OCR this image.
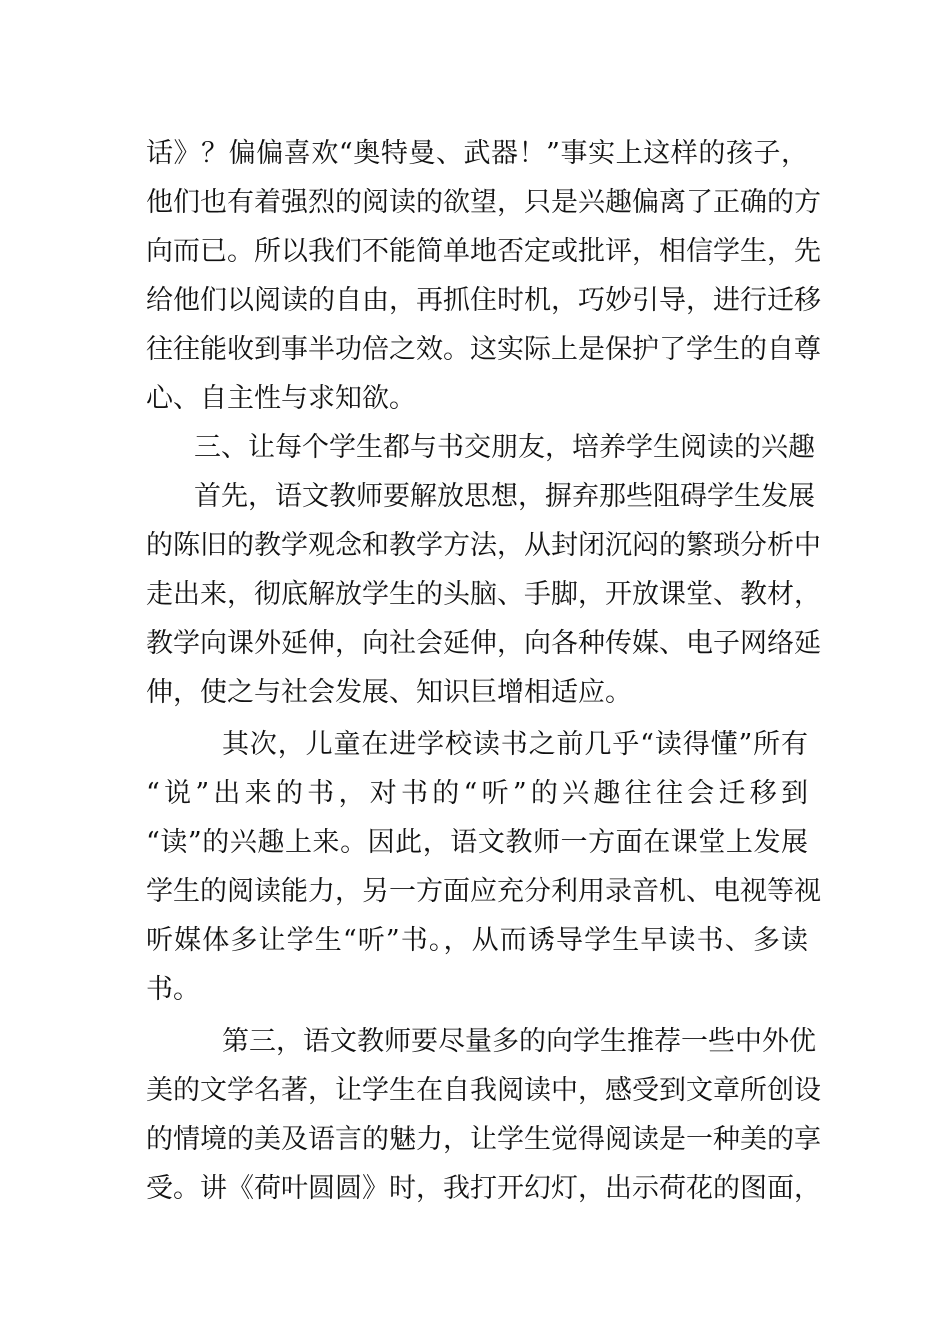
话》？偏偏喜欢“奥特曼、武器！”事实上这样的孩子，
他们也有着强烈的阅读的欲望，只是兴趣偏离了正确的方
向而已。所以我们不能简单地否定或批评，相信学生，先
给他们以阅读的自由，再抓住时机，巧妙引导，进行迁移
往往能收到事半功倍之效。这实际上是保护了学生的自尊
心、自主性与求知欲。
三、让每个学生都与书交朋友，培养学生阅读的兴趣
首先，语文教师要解放思想，摒弃那些阻碍学生发展
的陈旧的教学观念和教学方法，从封闭沉闷的繁琐分析中
走出来，彻底解放学生的头脑、手脚，开放课堂、教材，
教学向课外延伸，向社会延伸，向各种传媒、电子网络延
伸，使之与社会发展、知识巨增相适应。
其次，儿童在进学校读书之前几乎“读得懂”所有
“说”出来的书，对书的“听”的兴趣往往会迁移到
“读”的兴趣上来。因此，语文教师一方面在课堂上发展
学生的阅读能力，另一方面应充分利用录音机、电视等视
听媒体多让学生“听”书。，从而诱导学生早读书、多读
书。
第三，语文教师要尽量多的向学生推荐一些中外优
美的文学名著，让学生在自我阅读中，感受到文章所创设
的情境的美及语言的魅力，让学生觉得阅读是一种美的享
受。讲《荷叶圆圆》时，我打开幻灯，出示荷花的图面，
